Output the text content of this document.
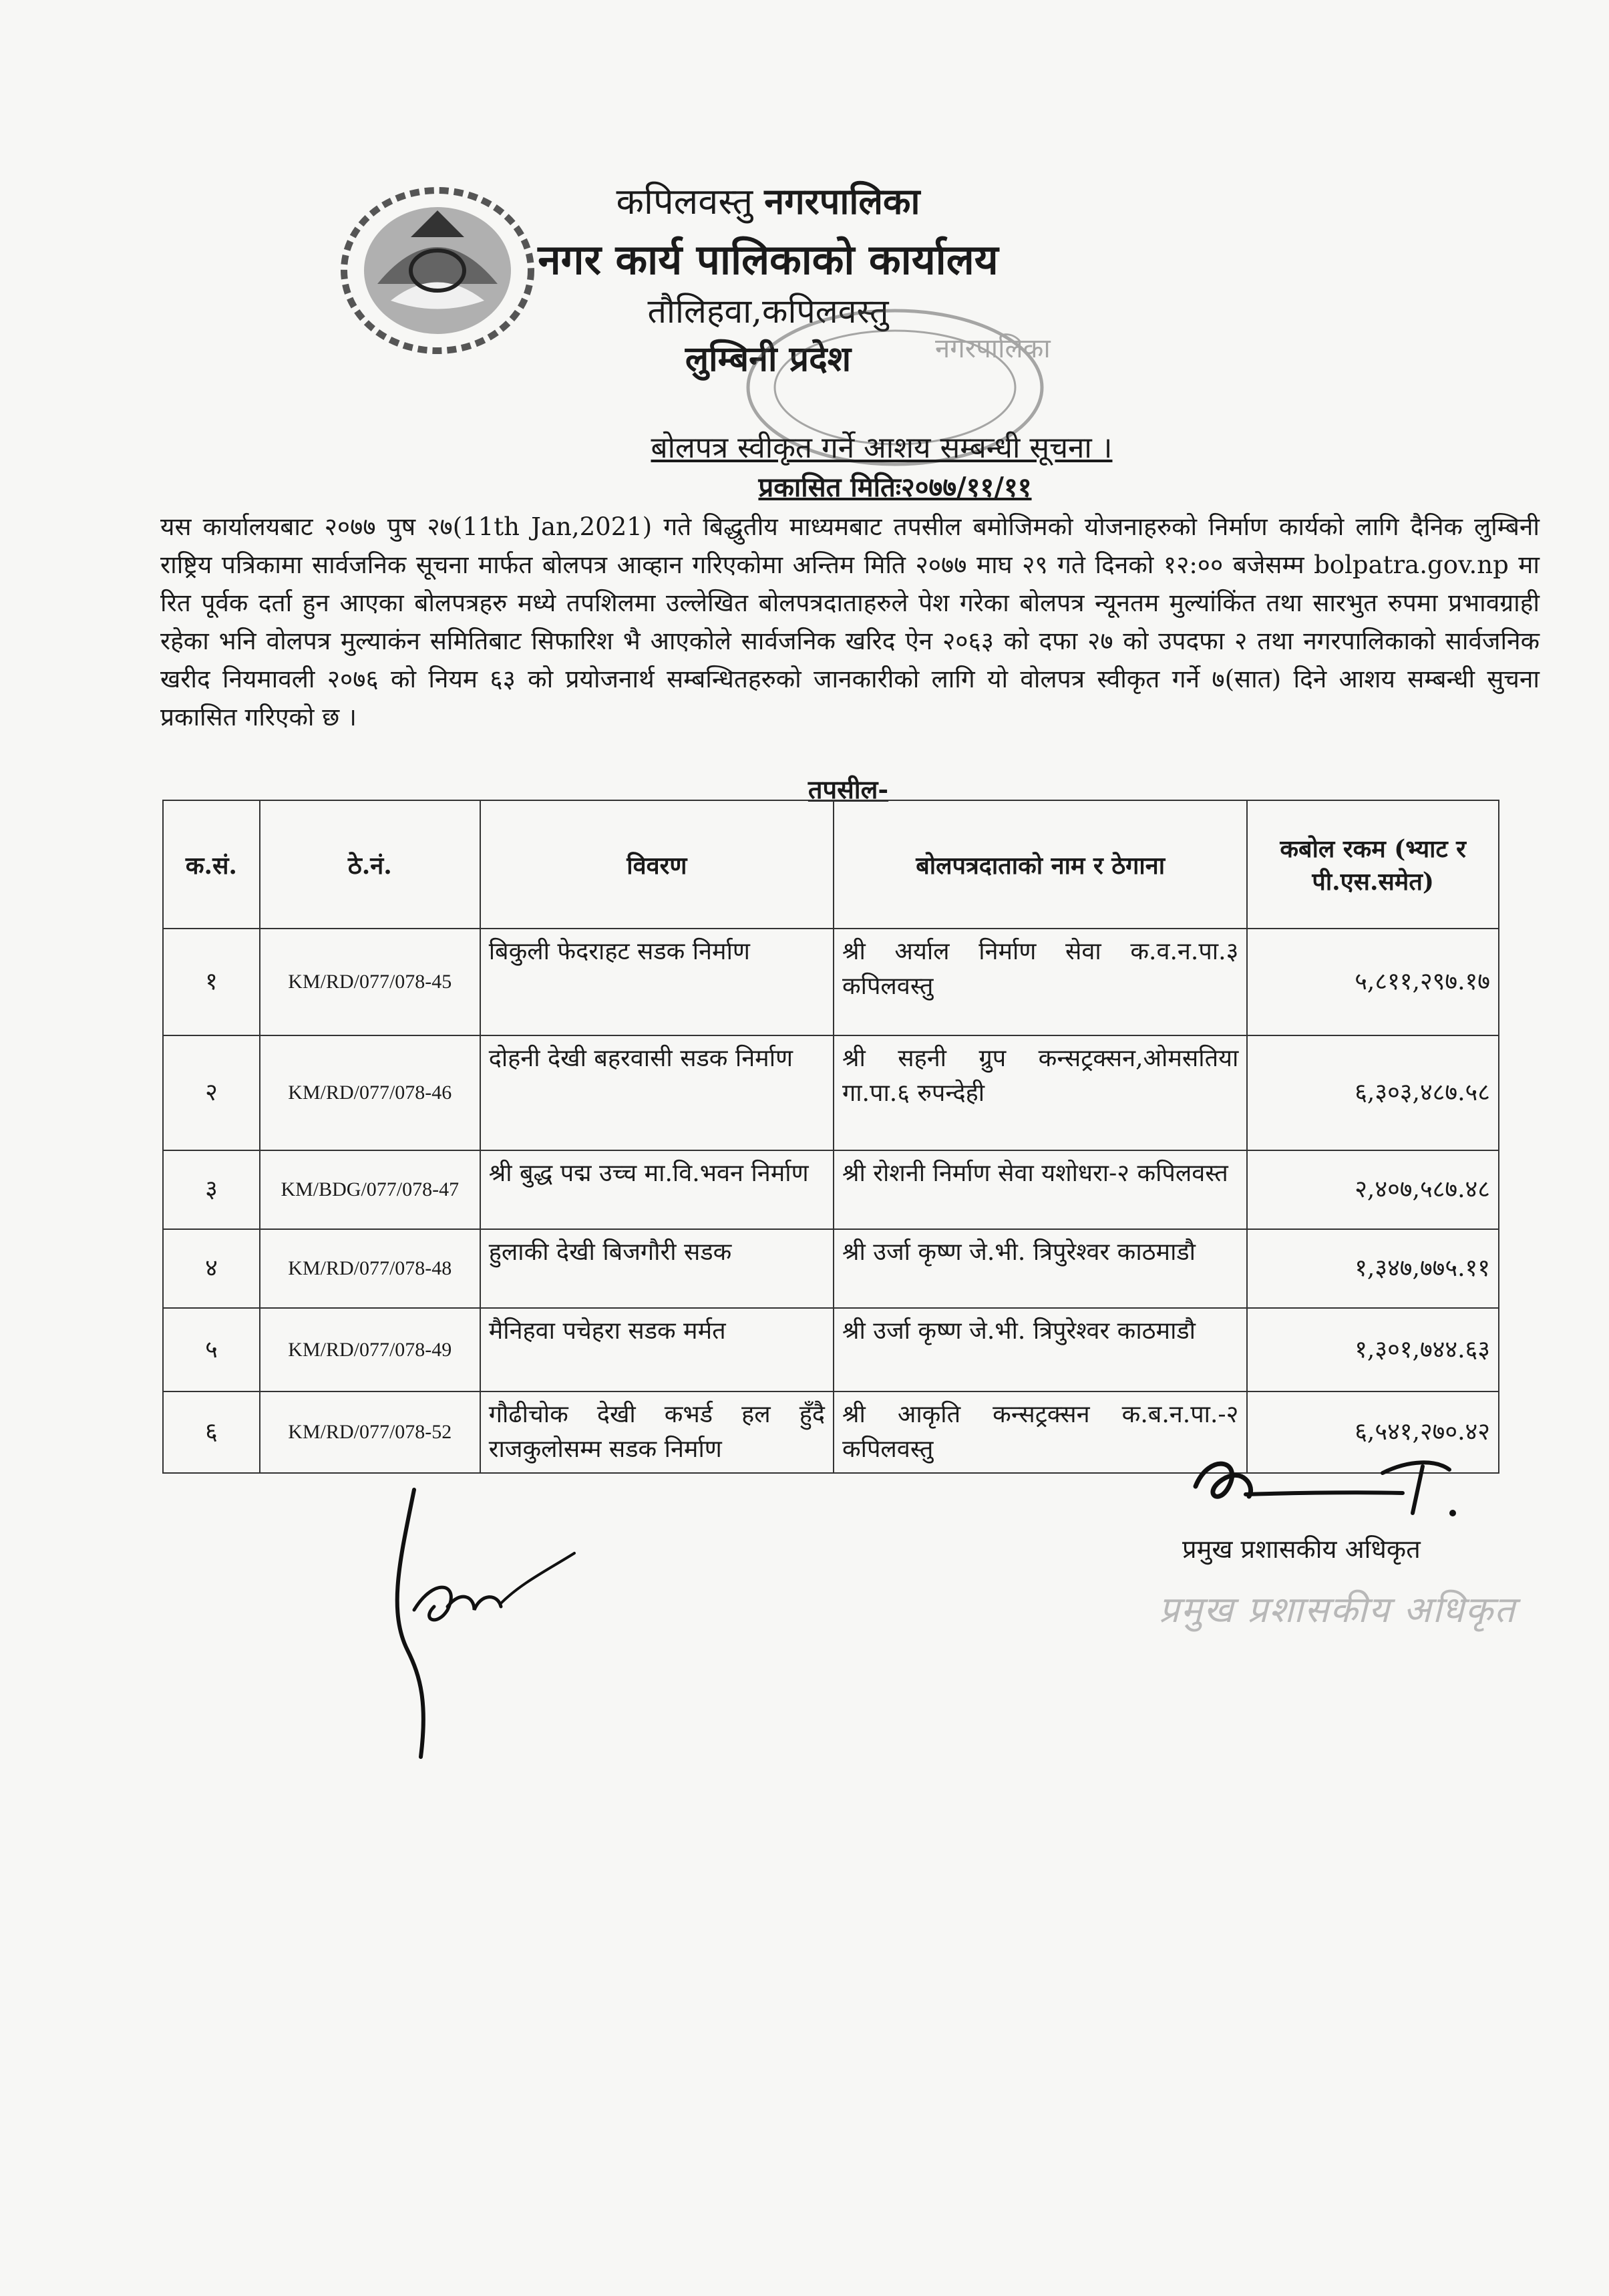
कपिलवस्तु नगरपालिका
नगर कार्य पालिकाको कार्यालय
तौलिहवा,कपिलवस्तु
लुम्बिनी प्रदेश	नगरपालिका
बोलपत्र स्वीकृत गर्ने आशय सम्बन्धी सूचना ।
प्रकासित मितिः२०७७/११/११
यस कार्यालयबाट २०७७ पुष २७(11th Jan,2021) गते बिद्धुतीय माध्यमबाट तपसील बमोजिमको योजनाहरुको निर्माण कार्यको लागि दैनिक लुम्बिनी राष्ट्रिय पत्रिकामा सार्वजनिक सूचना मार्फत बोलपत्र आव्हान गरिएकोमा अन्तिम मिति २०७७ माघ २९ गते दिनको १२:०० बजेसम्म bolpatra.gov.np मा रित पूर्वक दर्ता हुन आएका बोलपत्रहरु मध्ये तपशिलमा उल्लेखित बोलपत्रदाताहरुले पेश गरेका बोलपत्र न्यूनतम मुल्यांकिंत तथा सारभुत रुपमा प्रभावग्राही रहेका भनि वोलपत्र मुल्याकंन समितिबाट सिफारिश भै आएकोले सार्वजनिक खरिद ऐन २०६३ को दफा २७ को उपदफा २ तथा नगरपालिकाको सार्वजनिक खरीद नियमावली २०७६ को नियम ६३ को प्रयोजनार्थ सम्बन्धितहरुको जानकारीको लागि यो वोलपत्र स्वीकृत गर्ने ७(सात) दिने आशय सम्बन्धी सुचना प्रकासित गरिएको छ ।
तपसील-
क.सं.	ठे.नं.	विवरण	बोलपत्रदाताको नाम र ठेगाना	कबोल रकम (भ्याट र पी.एस.समेत)
१	KM/RD/077/078-45	बिकुली फेदराहट सडक निर्माण	श्री अर्याल निर्माण सेवा क.व.न.पा.३ कपिलवस्तु	५,८११,२९७.१७
२	KM/RD/077/078-46	दोहनी देखी बहरवासी सडक निर्माण	श्री सहनी ग्रुप कन्सट्रक्सन,ओमसतिया गा.पा.६ रुपन्देही	६,३०३,४८७.५८
३	KM/BDG/077/078-47	श्री बुद्ध पद्म उच्च मा.वि.भवन निर्माण	श्री रोशनी निर्माण सेवा यशोधरा-२ कपिलवस्त	२,४०७,५८७.४८
४	KM/RD/077/078-48	हुलाकी देखी बिजगौरी सडक	श्री उर्जा कृष्ण जे.भी. त्रिपुरेश्वर काठमाडौ	१,३४७,७७५.११
५	KM/RD/077/078-49	मैनिहवा पचेहरा सडक मर्मत	श्री उर्जा कृष्ण जे.भी. त्रिपुरेश्वर काठमाडौ	१,३०१,७४४.६३
६	KM/RD/077/078-52	गौढीचोक देखी कभर्ड हल हुँदै राजकुलोसम्म सडक निर्माण	श्री आकृति कन्सट्रक्सन क.ब.न.पा.-२ कपिलवस्तु	६,५४१,२७०.४२
प्रमुख प्रशासकीय अधिकृत
प्रमुख प्रशासकीय अधिकृत
